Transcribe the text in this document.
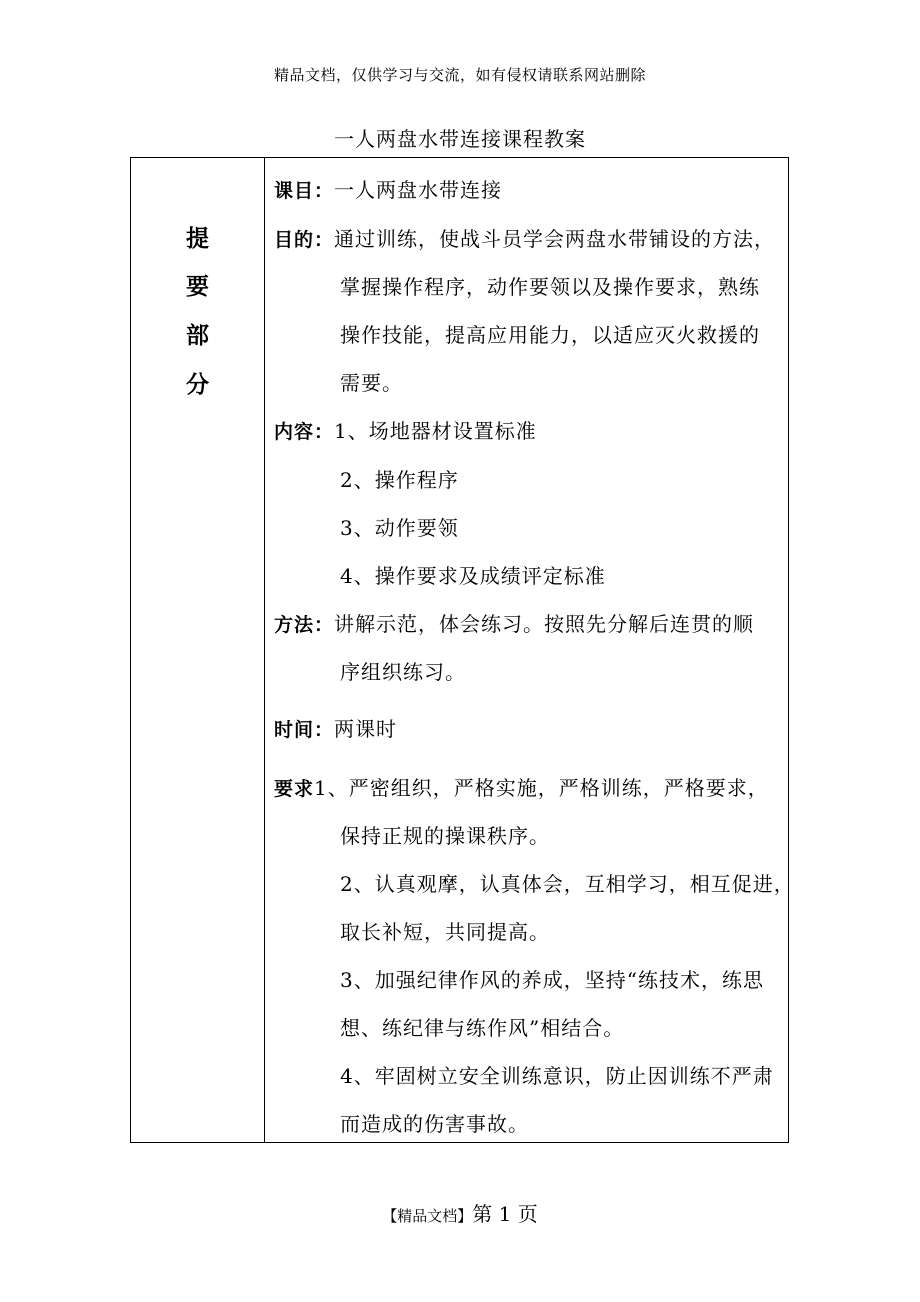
精品文档，仅供学习与交流，如有侵权请联系网站删除
一人两盘水带连接课程教案
提
要
部
分
课目：一人两盘水带连接
目的：通过训练，使战斗员学会两盘水带铺设的方法，
掌握操作程序，动作要领以及操作要求，熟练
操作技能，提高应用能力，以适应灭火救援的
需要。
内容：1、场地器材设置标准
2、操作程序
3、动作要领
4、操作要求及成绩评定标准
方法：讲解示范，体会练习。按照先分解后连贯的顺
序组织练习。
时间：两课时
要求1、严密组织，严格实施，严格训练，严格要求，
保持正规的操课秩序。
2、认真观摩，认真体会，互相学习，相互促进，
取长补短，共同提高。
3、加强纪律作风的养成，坚持“练技术，练思
想、练纪律与练作风”相结合。
4、牢固树立安全训练意识，防止因训练不严肃
而造成的伤害事故。
【精品文档】第 1 页
